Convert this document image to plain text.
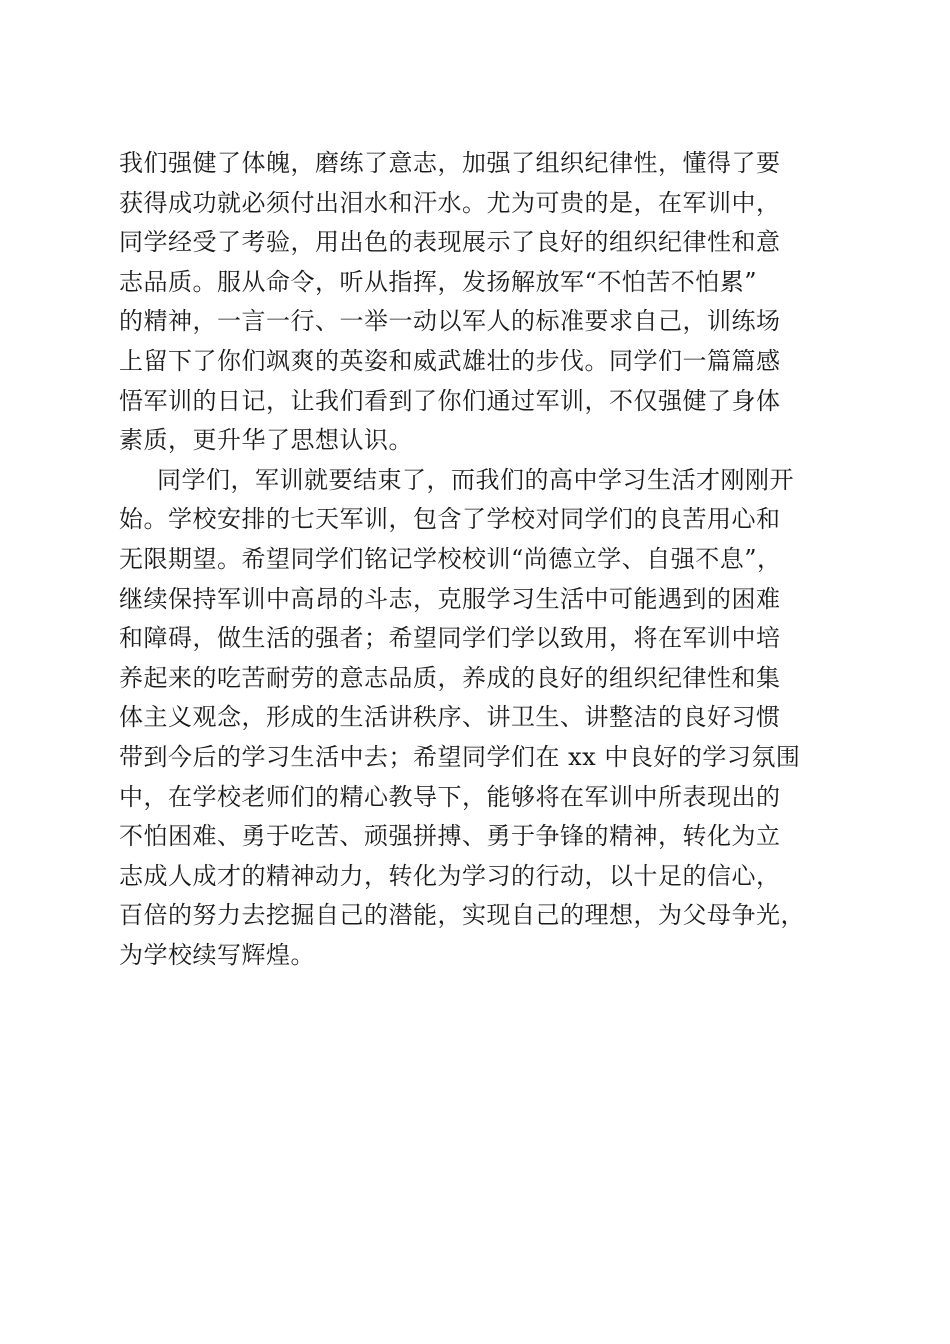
我们强健了体魄，磨练了意志，加强了组织纪律性，懂得了要
获得成功就必须付出泪水和汗水。尤为可贵的是，在军训中，
同学经受了考验，用出色的表现展示了良好的组织纪律性和意
志品质。服从命令，听从指挥，发扬解放军“不怕苦不怕累”
的精神，一言一行、一举一动以军人的标准要求自己，训练场
上留下了你们飒爽的英姿和威武雄壮的步伐。同学们一篇篇感
悟军训的日记，让我们看到了你们通过军训，不仅强健了身体
素质，更升华了思想认识。
同学们，军训就要结束了，而我们的高中学习生活才刚刚开
始。学校安排的七天军训，包含了学校对同学们的良苦用心和
无限期望。希望同学们铭记学校校训“尚德立学、自强不息”，
继续保持军训中高昂的斗志，克服学习生活中可能遇到的困难
和障碍，做生活的强者；希望同学们学以致用，将在军训中培
养起来的吃苦耐劳的意志品质，养成的良好的组织纪律性和集
体主义观念，形成的生活讲秩序、讲卫生、讲整洁的良好习惯
带到今后的学习生活中去；希望同学们在 xx 中良好的学习氛围
中，在学校老师们的精心教导下，能够将在军训中所表现出的
不怕困难、勇于吃苦、顽强拼搏、勇于争锋的精神，转化为立
志成人成才的精神动力，转化为学习的行动，以十足的信心，
百倍的努力去挖掘自己的潜能，实现自己的理想，为父母争光，
为学校续写辉煌。
